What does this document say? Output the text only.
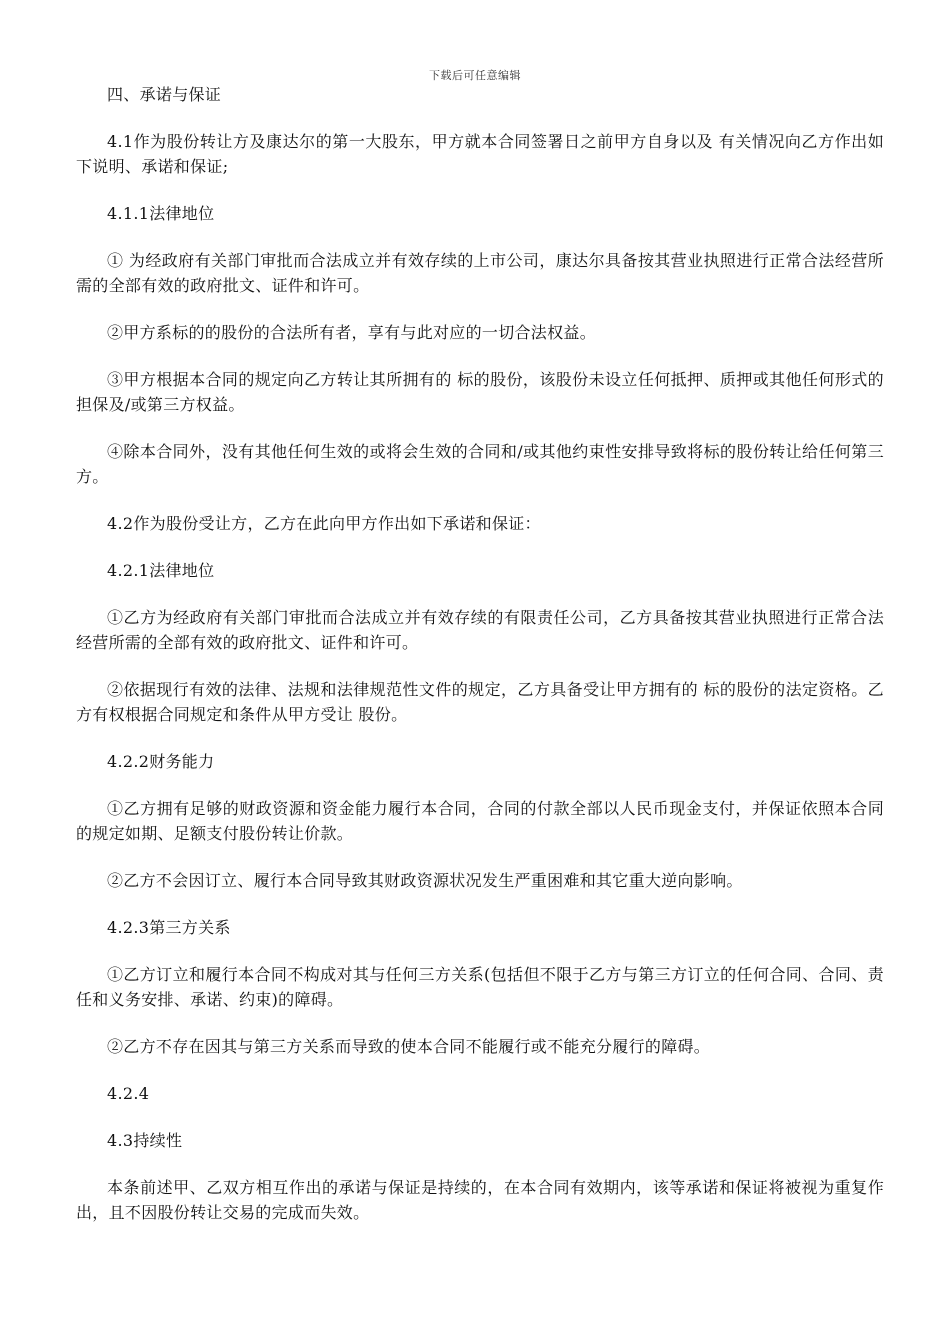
下载后可任意编辑

四、承诺与保证

4.1作为股份转让方及康达尔的第一大股东，甲方就本合同签署日之前甲方自身以及 有关情况向乙方作出如下说明、承诺和保证;

4.1.1法律地位

① 为经政府有关部门审批而合法成立并有效存续的上市公司，康达尔具备按其营业执照进行正常合法经营所需的全部有效的政府批文、证件和许可。

②甲方系标的的股份的合法所有者，享有与此对应的一切合法权益。

③甲方根据本合同的规定向乙方转让其所拥有的 标的股份，该股份未设立任何抵押、质押或其他任何形式的担保及/或第三方权益。

④除本合同外，没有其他任何生效的或将会生效的合同和/或其他约束性安排导致将标的股份转让给任何第三方。

4.2作为股份受让方，乙方在此向甲方作出如下承诺和保证：

4.2.1法律地位

①乙方为经政府有关部门审批而合法成立并有效存续的有限责任公司，乙方具备按其营业执照进行正常合法经营所需的全部有效的政府批文、证件和许可。

②依据现行有效的法律、法规和法律规范性文件的规定，乙方具备受让甲方拥有的 标的股份的法定资格。乙方有权根据合同规定和条件从甲方受让 股份。

4.2.2财务能力

①乙方拥有足够的财政资源和资金能力履行本合同，合同的付款全部以人民币现金支付，并保证依照本合同的规定如期、足额支付股份转让价款。

②乙方不会因订立、履行本合同导致其财政资源状况发生严重困难和其它重大逆向影响。

4.2.3第三方关系

①乙方订立和履行本合同不构成对其与任何三方关系(包括但不限于乙方与第三方订立的任何合同、合同、责任和义务安排、承诺、约束)的障碍。

②乙方不存在因其与第三方关系而导致的使本合同不能履行或不能充分履行的障碍。

4.2.4

4.3持续性

本条前述甲、乙双方相互作出的承诺与保证是持续的，在本合同有效期内，该等承诺和保证将被视为重复作出，且不因股份转让交易的完成而失效。
